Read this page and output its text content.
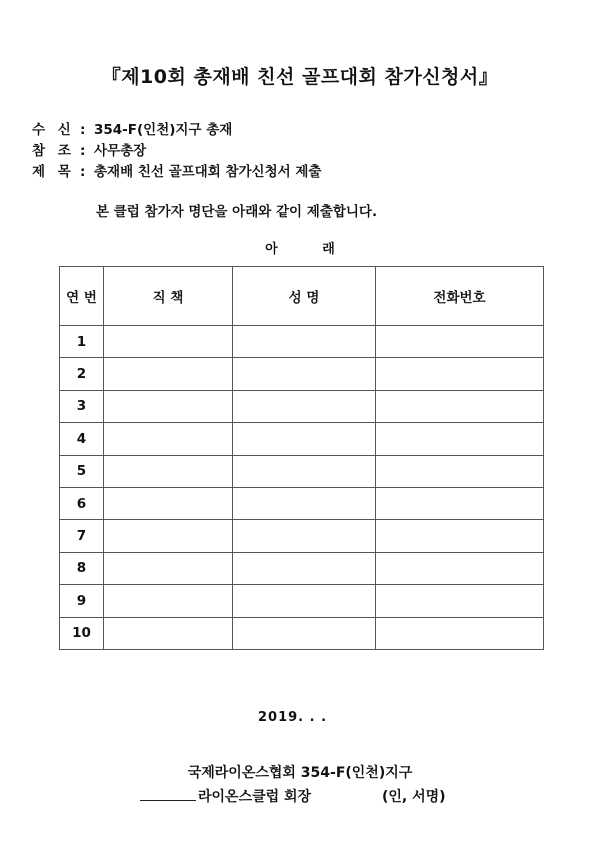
『제10회 총재배 친선 골프대회 참가신청서』
수 신 : 354-F(인천)지구 총재
참 조 : 사무총장
제 목 : 총재배 친선 골프대회 참가신청서 제출
본 클럽 참가자 명단을 아래와 같이 제출합니다.
아 래
연 번	직 책	성 명	전화번호
1			
2			
3			
4			
5			
6			
7			
8			
9			
10			
2019. . .
국제라이온스협회 354-F(인천)지구
라이온스클럽 회장	(인, 서명)
